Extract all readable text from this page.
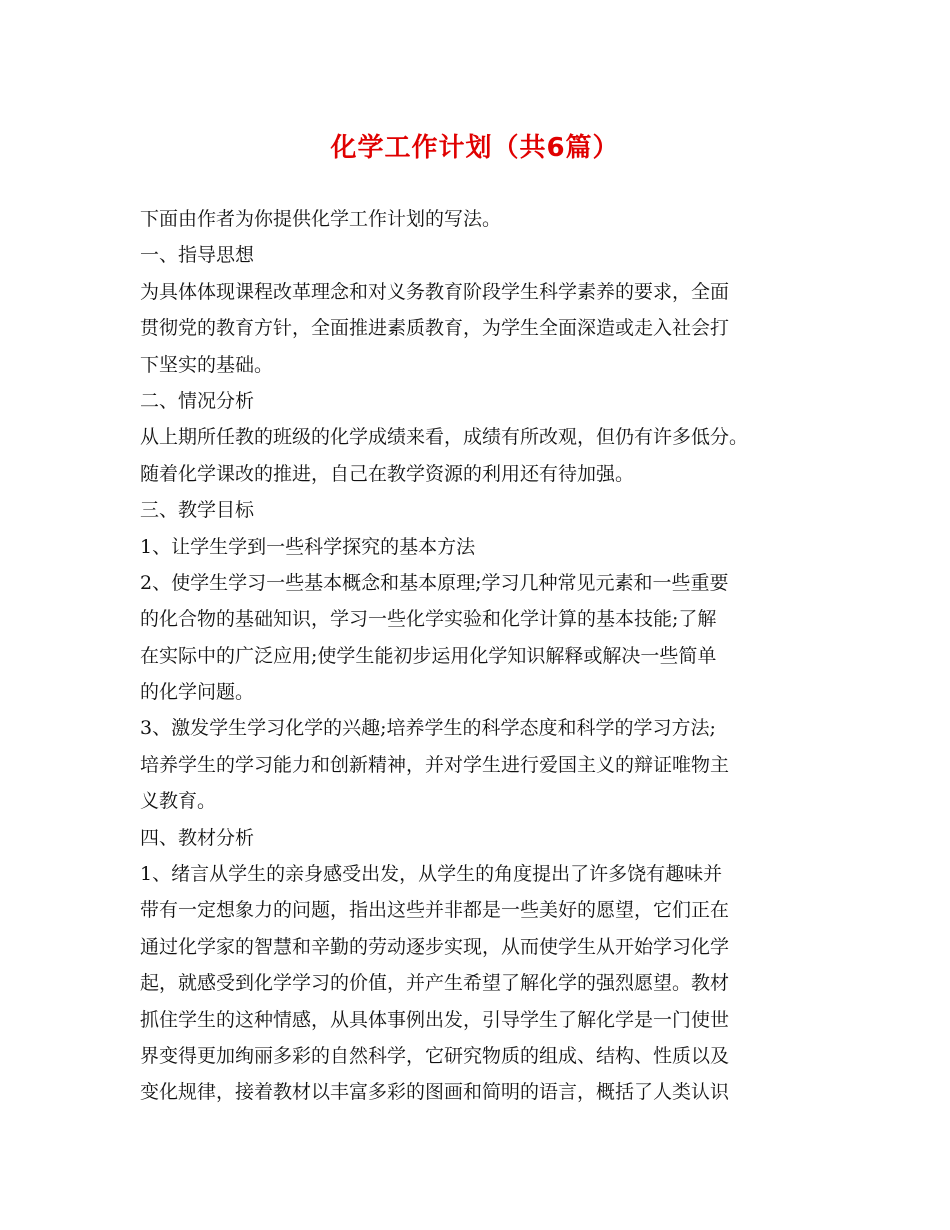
化学工作计划（共6篇）
下面由作者为你提供化学工作计划的写法。
一、指导思想
为具体体现课程改革理念和对义务教育阶段学生科学素养的要求，全面
贯彻党的教育方针，全面推进素质教育，为学生全面深造或走入社会打
下坚实的基础。
二、情况分析
从上期所任教的班级的化学成绩来看，成绩有所改观，但仍有许多低分。
随着化学课改的推进，自己在教学资源的利用还有待加强。
三、教学目标
1、让学生学到一些科学探究的基本方法
2、使学生学习一些基本概念和基本原理;学习几种常见元素和一些重要
的化合物的基础知识，学习一些化学实验和化学计算的基本技能;了解
在实际中的广泛应用;使学生能初步运用化学知识解释或解决一些简单
的化学问题。
3、激发学生学习化学的兴趣;培养学生的科学态度和科学的学习方法;
培养学生的学习能力和创新精神，并对学生进行爱国主义的辩证唯物主
义教育。
四、教材分析
1、绪言从学生的亲身感受出发，从学生的角度提出了许多饶有趣味并
带有一定想象力的问题，指出这些并非都是一些美好的愿望，它们正在
通过化学家的智慧和辛勤的劳动逐步实现，从而使学生从开始学习化学
起，就感受到化学学习的价值，并产生希望了解化学的强烈愿望。教材
抓住学生的这种情感，从具体事例出发，引导学生了解化学是一门使世
界变得更加绚丽多彩的自然科学，它研究物质的组成、结构、性质以及
变化规律，接着教材以丰富多彩的图画和简明的语言，概括了人类认识
